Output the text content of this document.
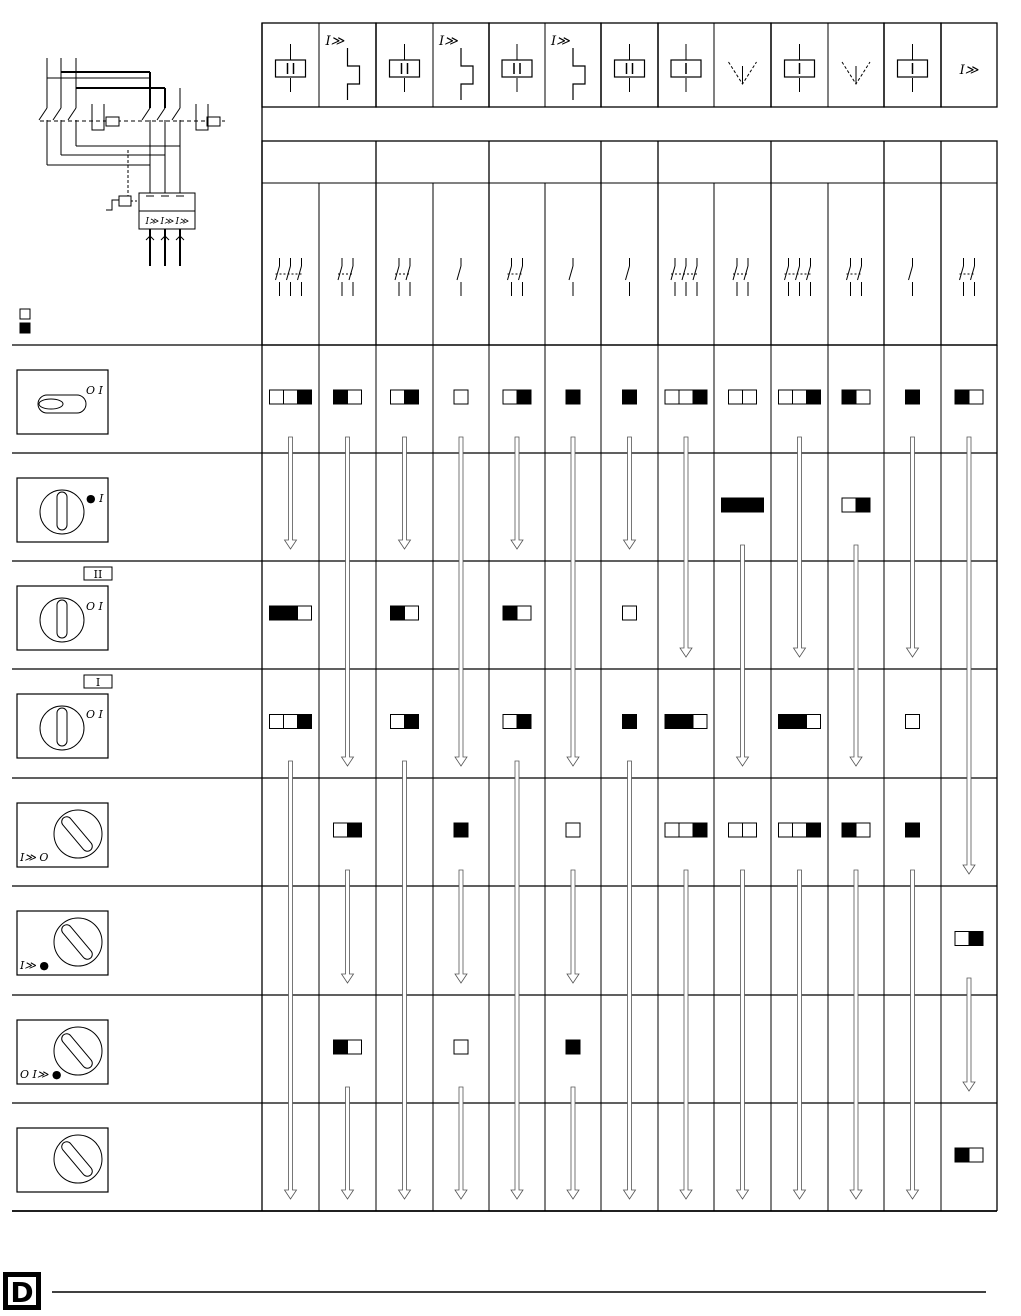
I≫	I≫	I≫
I≫
I≫ I≫ I≫
O I
● I
O I
II
O I
I
I≫ O
I≫ ●
O I≫ ●
D
